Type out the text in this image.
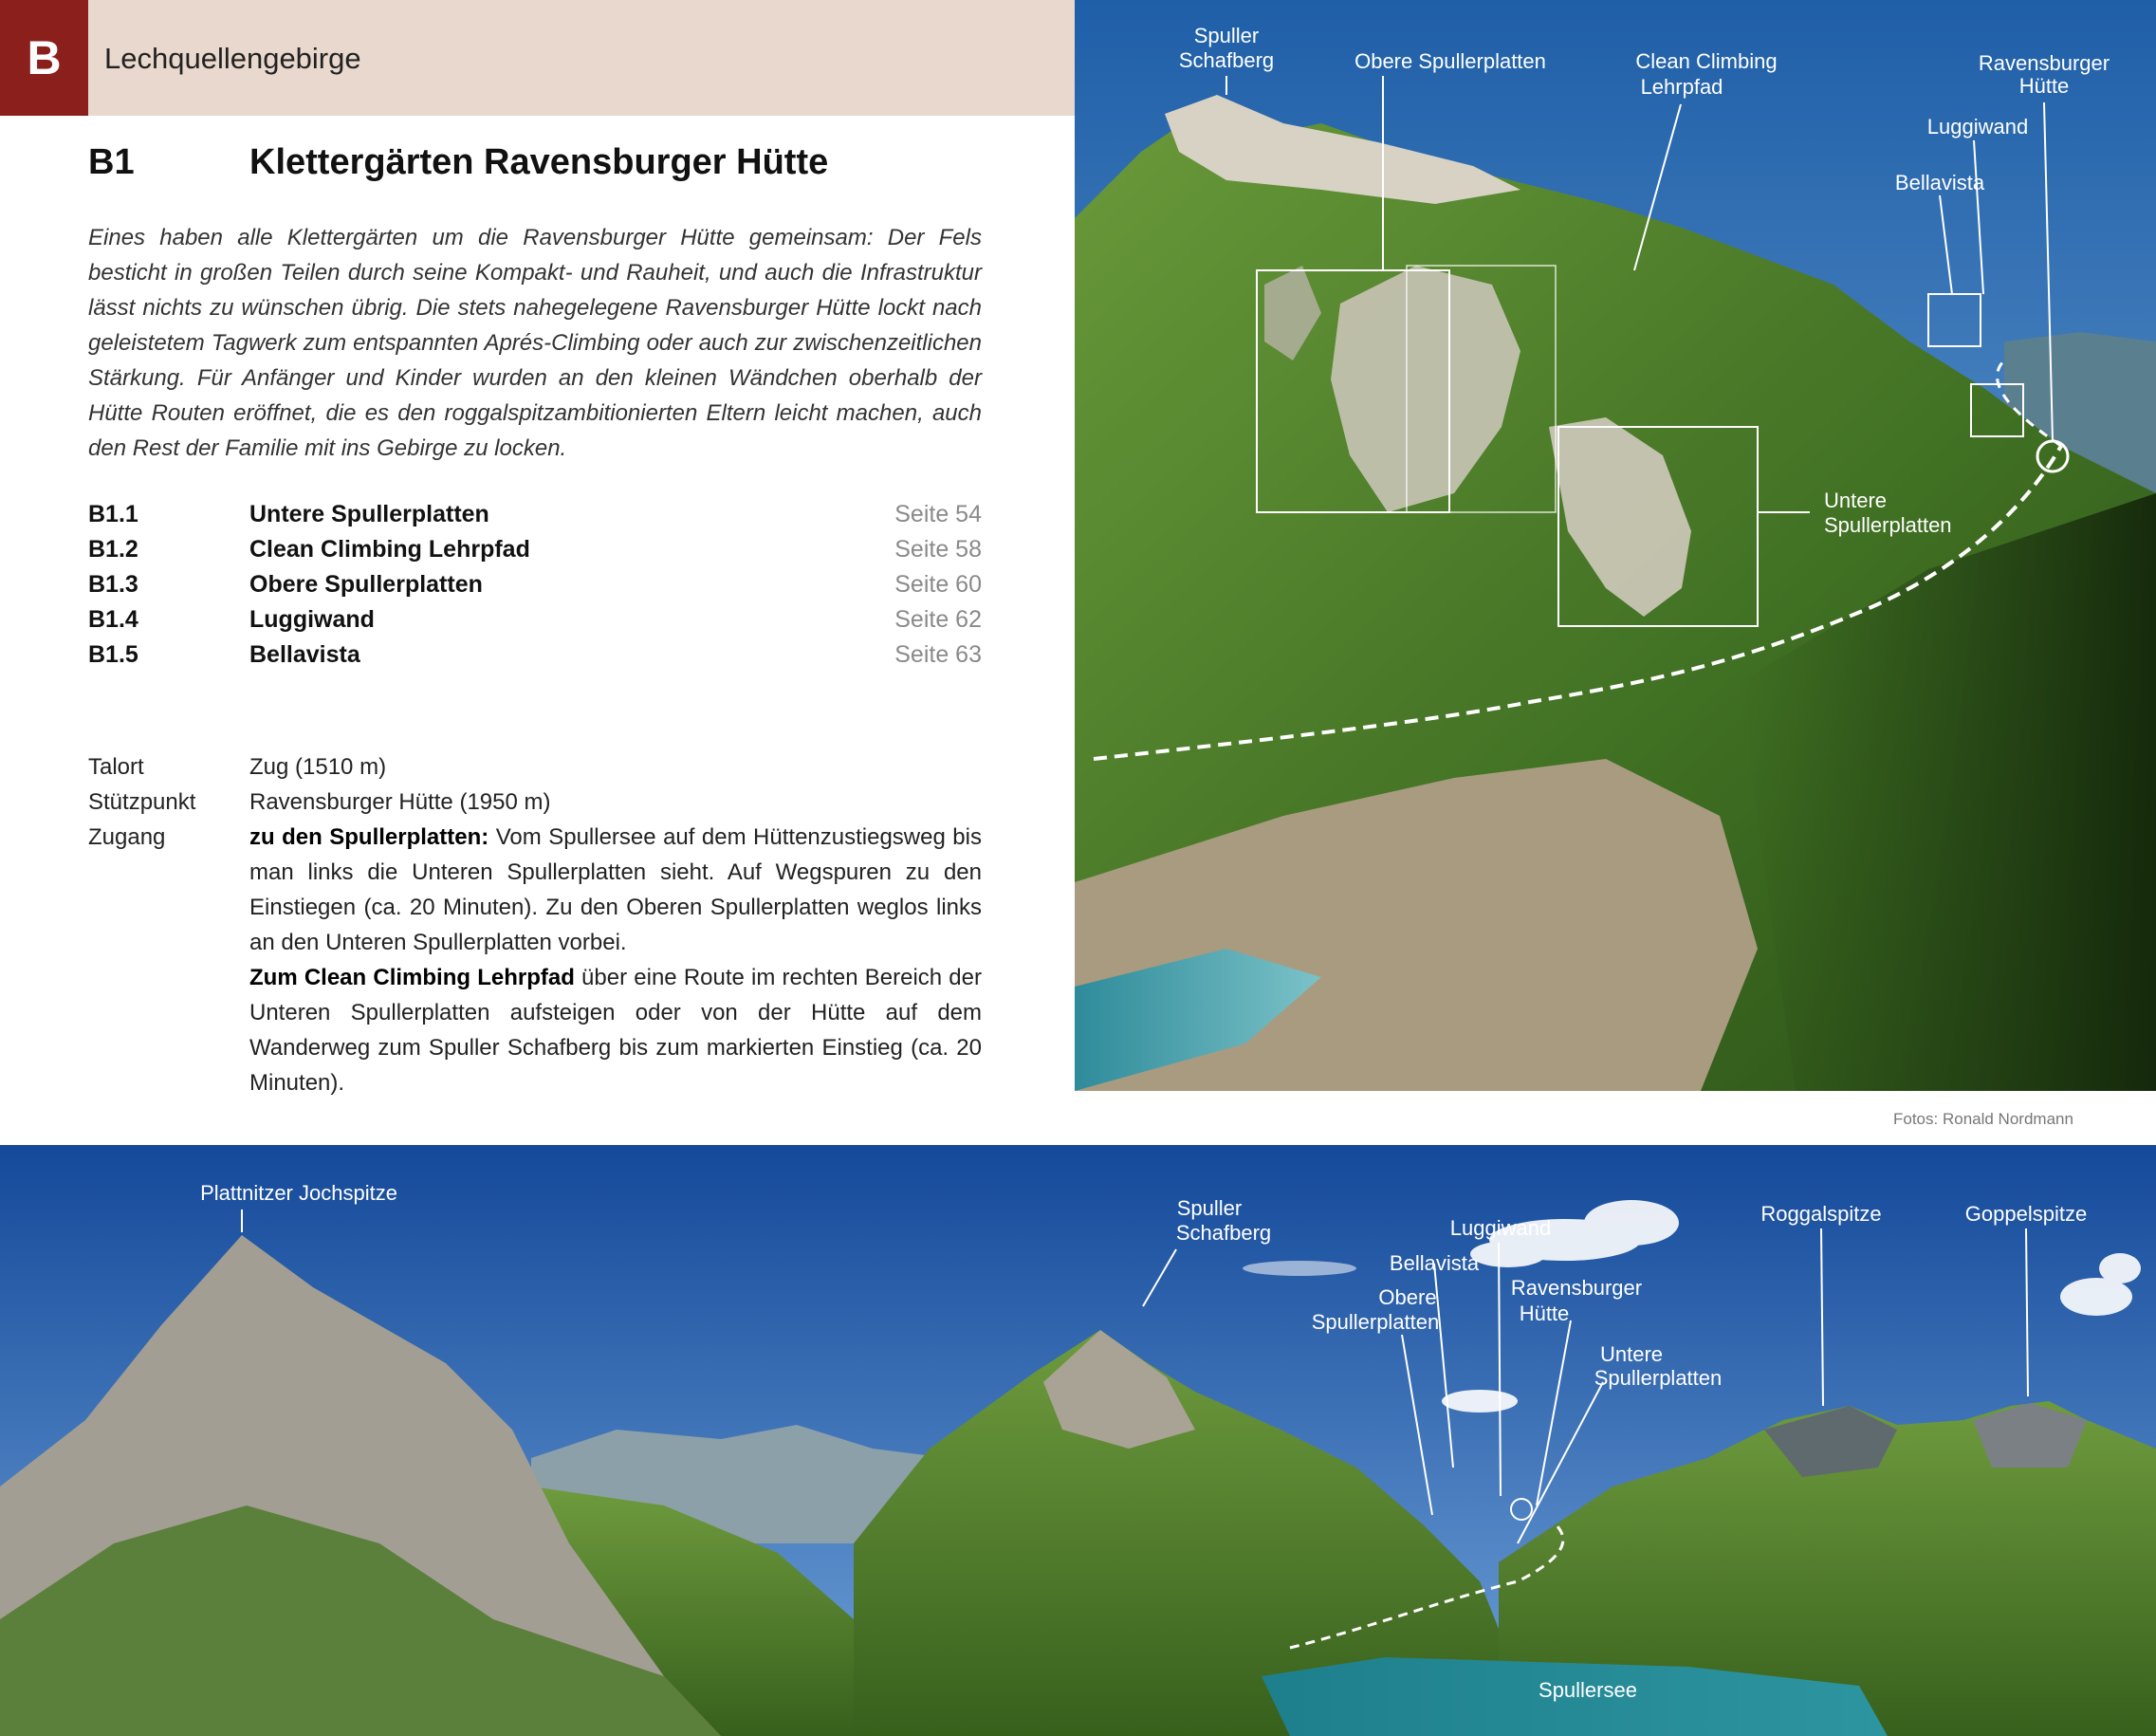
B Lechquellengebirge
B1	Klettergärten Ravensburger Hütte
Eines haben alle Klettergärten um die Ravensburger Hütte gemeinsam: Der Fels besticht in großen Teilen durch seine Kompakt- und Rauheit, und auch die Infrastruktur lässt nichts zu wünschen übrig. Die stets nahegelegene Ravensburger Hütte lockt nach geleistetem Tagwerk zum entspannten Aprés-Climbing oder auch zur zwischenzeitlichen Stärkung. Für Anfänger und Kinder wurden an den kleinen Wändchen oberhalb der Hütte Routen eröffnet, die es den roggalspitzambitionierten Eltern leicht machen, auch den Rest der Familie mit ins Gebirge zu locken.
B1.1	Untere Spullerplatten	Seite 54
B1.2	Clean Climbing Lehrpfad	Seite 58
B1.3	Obere Spullerplatten	Seite 60
B1.4	Luggiwand	Seite 62
B1.5	Bellavista	Seite 63
Talort	Zug (1510 m)
Stützpunkt Ravensburger Hütte (1950 m)
Zugang	zu den Spullerplatten: Vom Spullersee auf dem Hüttenzustiegsweg bis man links die Unteren Spullerplatten sieht. Auf Wegspuren zu den Einstiegen (ca. 20 Minuten). Zu den Oberen Spullerplatten weglos links an den Unteren Spullerplatten vorbei.
Zum Clean Climbing Lehrpfad über eine Route im rechten Bereich der Unteren Spullerplatten aufsteigen oder von der Hütte auf dem Wanderweg zum Spuller Schafberg bis zum markierten Einstieg (ca. 20 Minuten).
Spuller
Schafberg	Obere Spullerplatten	Clean Climbing
Lehrpfad
Ravensburger
Hütte
Luggiwand
Bellavista
Untere
Spullerplatten
Fotos: Ronald Nordmann
Plattnitzer Jochspitze
Spuller
Schafberg	Luggiwand
Roggalspitze	Goppelspitze
Bellavista
Ravensburger
Hütte
Obere
Spullerplatten
Untere
Spullerplatten
Spullersee
